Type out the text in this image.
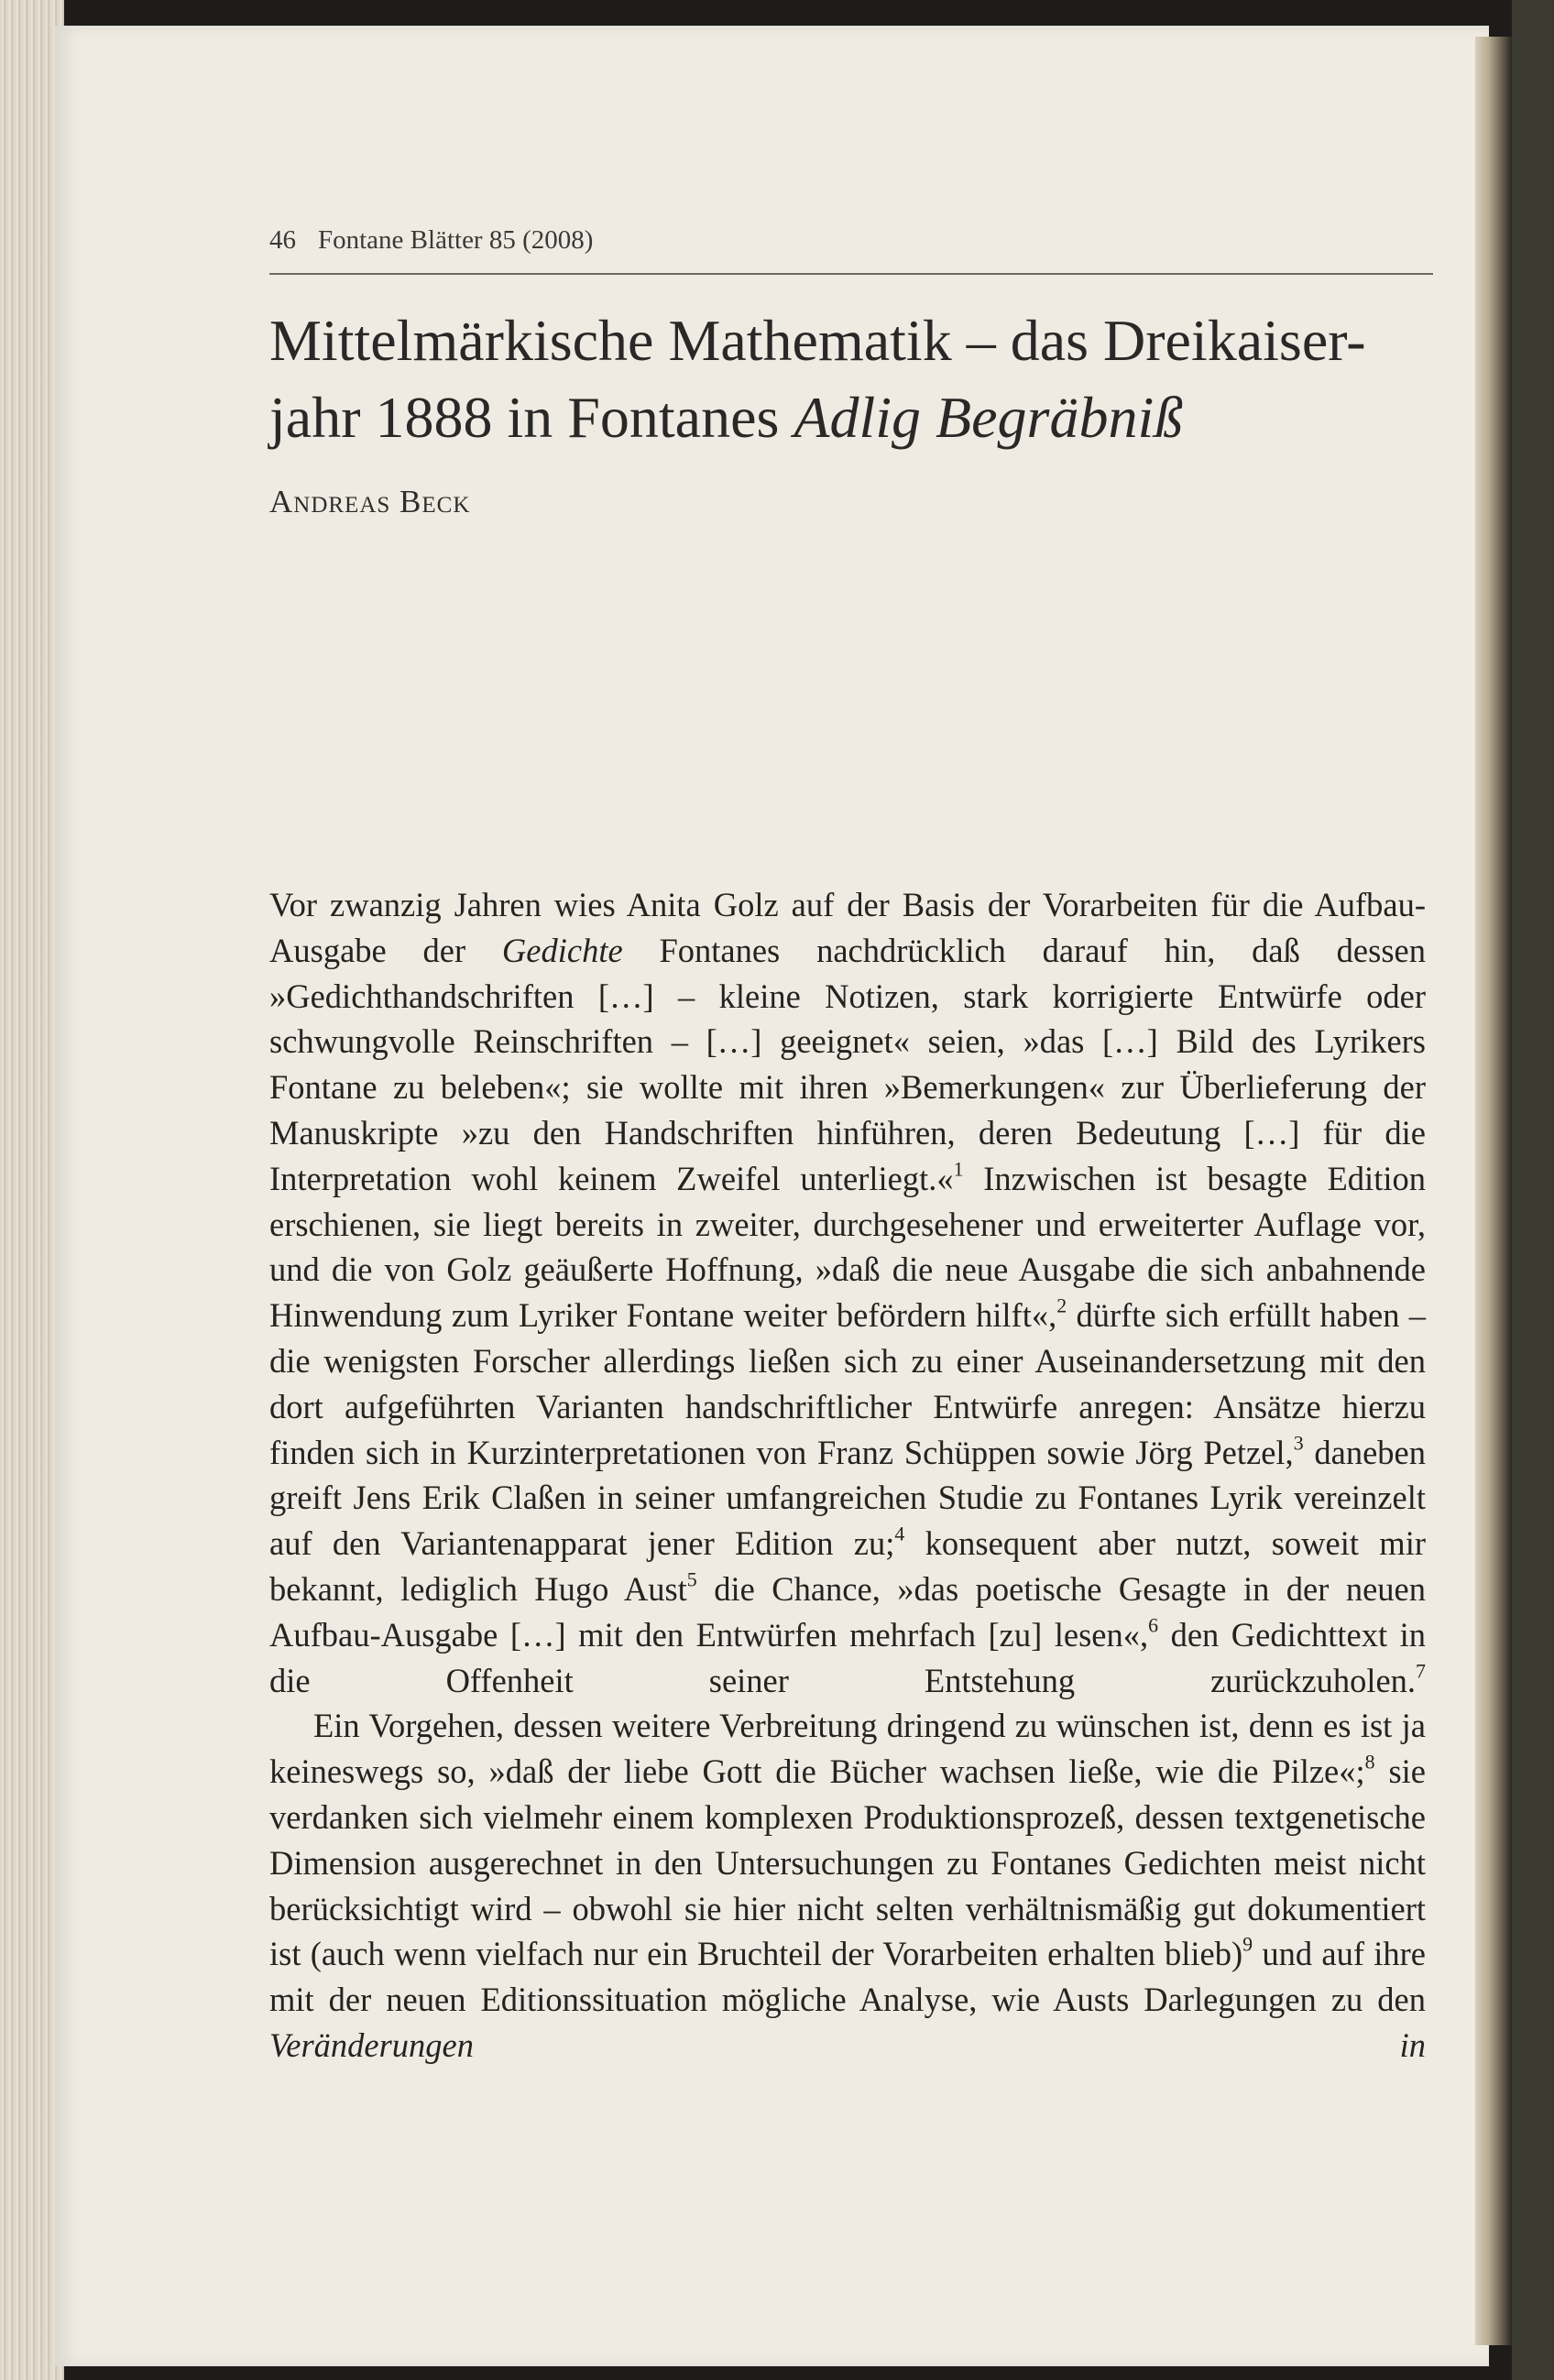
46 Fontane Blätter 85 (2008)
Mittelmärkische Mathematik – das Dreikaiser-
jahr 1888 in Fontanes Adlig Begräbniß
Andreas Beck

Vor zwanzig Jahren wies Anita Golz auf der Basis der Vorarbeiten für die Aufbau-Ausgabe der Gedichte Fontanes nachdrücklich darauf hin, daß dessen »Gedichthandschriften […] – kleine Notizen, stark korrigierte Entwürfe oder schwungvolle Reinschriften – […] geeignet« seien, »das […] Bild des Lyrikers Fontane zu beleben«; sie wollte mit ihren »Bemerkungen« zur Überlieferung der Manuskripte »zu den Handschriften hinführen, deren Bedeutung […] für die Interpretation wohl keinem Zweifel unterliegt.«$^1$ Inzwischen ist besagte Edition erschienen, sie liegt bereits in zweiter, durchgesehener und erweiterter Auflage vor, und die von Golz geäußerte Hoffnung, »daß die neue Ausgabe die sich anbahnende Hinwendung zum Lyriker Fontane weiter befördern hilft«,$^2$ dürfte sich erfüllt haben – die wenigsten Forscher allerdings ließen sich zu einer Auseinandersetzung mit den dort aufgeführten Varianten handschriftlicher Entwürfe anregen: Ansätze hierzu finden sich in Kurzinterpretationen von Franz Schüppen sowie Jörg Petzel,$^3$ daneben greift Jens Erik Claßen in seiner umfangreichen Studie zu Fontanes Lyrik vereinzelt auf den Variantenapparat jener Edition zu;$^4$ konsequent aber nutzt, soweit mir bekannt, lediglich Hugo Aust$^5$ die Chance, »das poetische Gesagte in der neuen Aufbau-Ausgabe […] mit den Entwürfen mehrfach [zu] lesen«,$^6$ den Gedichttext in die Offenheit seiner Entstehung zurückzuholen.$^7$

Ein Vorgehen, dessen weitere Verbreitung dringend zu wünschen ist, denn es ist ja keineswegs so, »daß der liebe Gott die Bücher wachsen ließe, wie die Pilze«;$^8$ sie verdanken sich vielmehr einem komplexen Produktionsprozeß, dessen textgenetische Dimension ausgerechnet in den Untersuchungen zu Fontanes Gedichten meist nicht berücksichtigt wird – obwohl sie hier nicht selten verhältnismäßig gut dokumentiert ist (auch wenn vielfach nur ein Bruchteil der Vorarbeiten erhalten blieb)$^9$ und auf ihre mit der neuen Editionssituation mögliche Analyse, wie Austs Darlegungen zu den Veränderungen in
